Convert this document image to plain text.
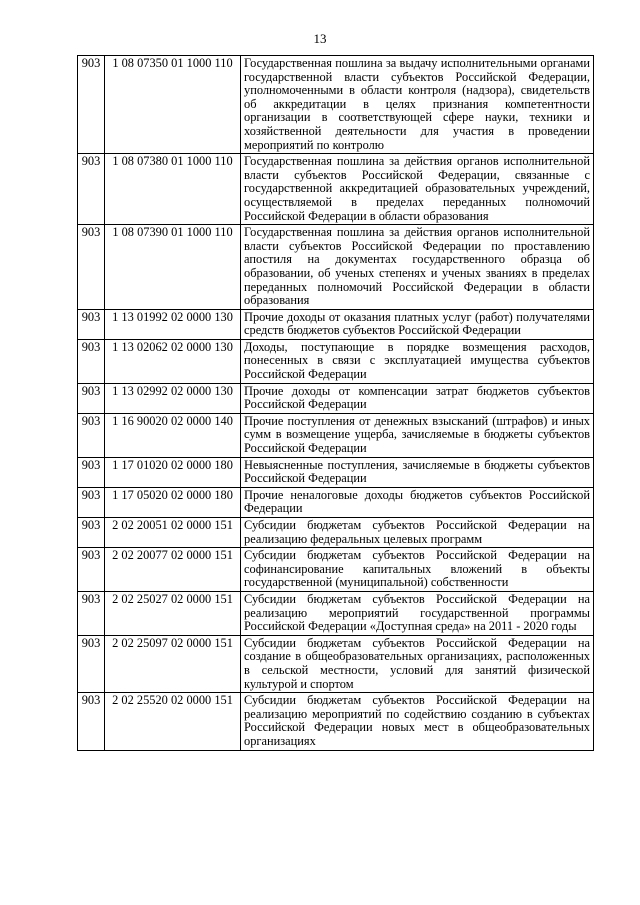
13
903	1 08 07350 01 1000 110	Государственная пошлина за выдачу исполнительными органами государственной власти субъектов Российской Федерации, уполномоченными в области контроля (надзора), свидетельств об аккредитации в целях признания компетентности организации в соответствующей сфере науки, техники и хозяйственной деятельности для участия в проведении мероприятий по контролю
903	1 08 07380 01 1000 110	Государственная пошлина за действия органов исполнительной власти субъектов Российской Федерации, связанные с государственной аккредитацией образовательных учреждений, осуществляемой в пределах переданных полномочий Российской Федерации в области образования
903	1 08 07390 01 1000 110	Государственная пошлина за действия органов исполнительной власти субъектов Российской Федерации по проставлению апостиля на документах государственного образца об образовании, об ученых степенях и ученых званиях в пределах переданных полномочий Российской Федерации в области образования
903	1 13 01992 02 0000 130	Прочие доходы от оказания платных услуг (работ) получателями средств бюджетов субъектов Российской Федерации
903	1 13 02062 02 0000 130	Доходы, поступающие в порядке возмещения расходов, понесенных в связи с эксплуатацией имущества субъектов Российской Федерации
903	1 13 02992 02 0000 130	Прочие доходы от компенсации затрат бюджетов субъектов Российской Федерации
903	1 16 90020 02 0000 140	Прочие поступления от денежных взысканий (штрафов) и иных сумм в возмещение ущерба, зачисляемые в бюджеты субъектов Российской Федерации
903	1 17 01020 02 0000 180	Невыясненные поступления, зачисляемые в бюджеты субъектов Российской Федерации
903	1 17 05020 02 0000 180	Прочие неналоговые доходы бюджетов субъектов Российской Федерации
903	2 02 20051 02 0000 151	Субсидии бюджетам субъектов Российской Федерации на реализацию федеральных целевых программ
903	2 02 20077 02 0000 151	Субсидии бюджетам субъектов Российской Федерации на софинансирование капитальных вложений в объекты государственной (муниципальной) собственности
903	2 02 25027 02 0000 151	Субсидии бюджетам субъектов Российской Федерации на реализацию мероприятий государственной программы Российской Федерации «Доступная среда» на 2011 - 2020 годы
903	2 02 25097 02 0000 151	Субсидии бюджетам субъектов Российской Федерации на создание в общеобразовательных организациях, расположенных в сельской местности, условий для занятий физической культурой и спортом
903	2 02 25520 02 0000 151	Субсидии бюджетам субъектов Российской Федерации на реализацию мероприятий по содействию созданию в субъектах Российской Федерации новых мест в общеобразовательных организациях
